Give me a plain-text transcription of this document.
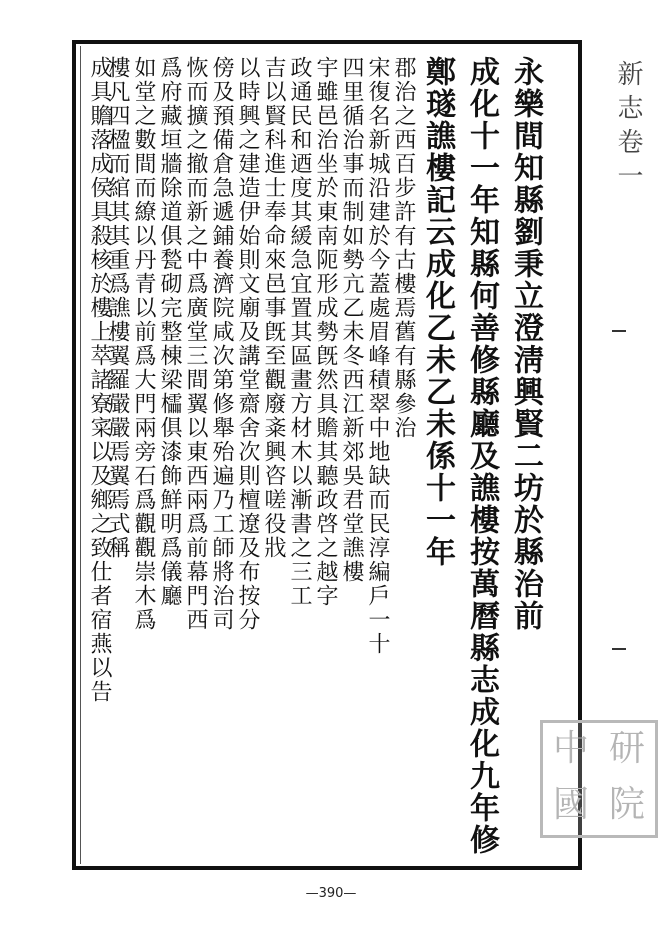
永樂間知縣劉秉立澄淸興賢二坊於縣治前
成化十一年知縣何善修縣廳及譙樓按萬曆縣志成化九年修
鄭璲譙樓記云成化乙未乙未係十一年
郡治之西百步許有古樓焉舊有縣參治
宋復名新城沿建於今蓋處眉峰積翠中地缺而民淳編戶一十
四里循治事而制如勢亢乙未冬西江新郊吳君堂譙樓
宇雖邑治坐於東南阨形成勢旣然具贍其聽政啓之越字
政通民和迺度其緩急宜置其區畫方材木以漸書之三工
吉以賢科進士奉命來邑事旣至觀廢㪰興咨嗟役戕
以時興之建造伊始則文廟及講堂齋舍次則檀遼及布按分
傍及預備倉急遞鋪養濟院咸次第修舉殆遍乃工師將治司
恢而擴之撤而新之中爲廣堂三間翼以東西兩爲前幕門西
爲府藏垣牆除道俱甃砌完整棟梁櫺俱漆飾鮮明爲儀廳
如堂之數間而繚以丹青以前爲大門兩旁石爲觀觀崇木爲
樓凡四楹而綰其其重爲譙樓翼羅嚴嚴焉翼焉式稱
成具贍落成侯具殺核於樓上萃諸寮寀以及鄉之致仕者宿燕以告	新志卷一
中 研
國 院
—390—
